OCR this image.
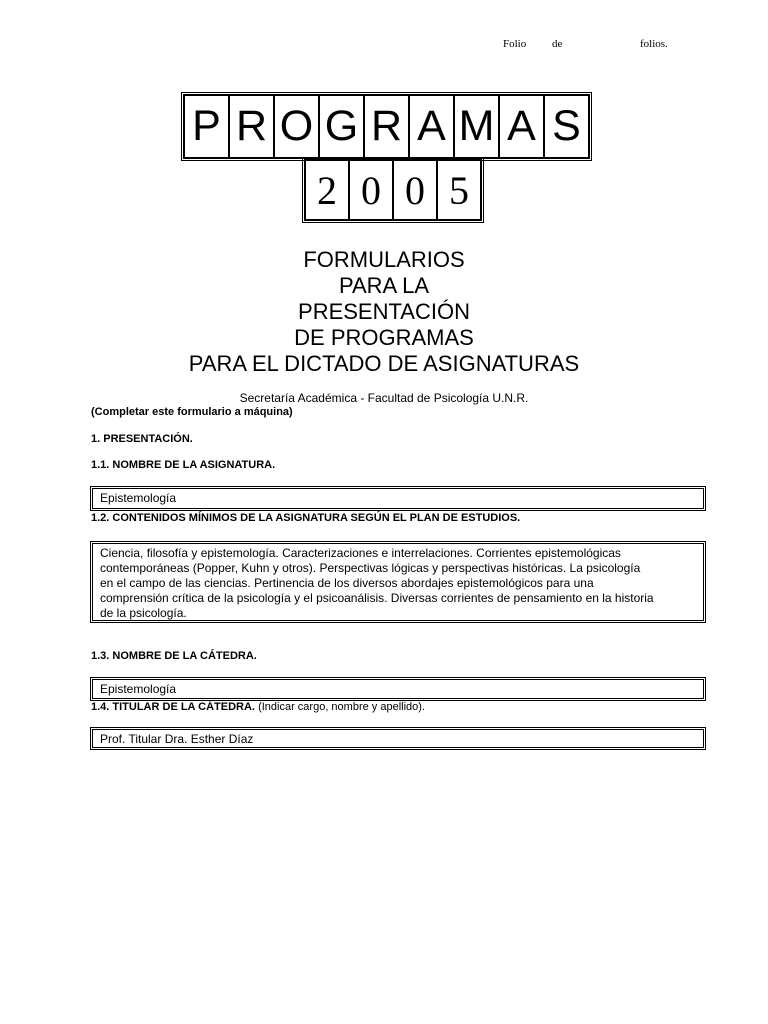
Folio de	folios.
P	R	O	G	R	A	M	A	S
2	0	0	5
FORMULARIOS
PARA LA
PRESENTACIÓN
DE PROGRAMAS
PARA EL DICTADO DE ASIGNATURAS
Secretaría Académica - Facultad de Psicología U.N.R.
(Completar este formulario a máquina)
1. PRESENTACIÓN.
1.1. NOMBRE DE LA ASIGNATURA.
Epistemología
1.2. CONTENIDOS MÍNIMOS DE LA ASIGNATURA SEGÚN EL PLAN DE ESTUDIOS.
Ciencia, filosofía y epistemología. Caracterizaciones e interrelaciones. Corrientes epistemológicas
contemporáneas (Popper, Kuhn y otros). Perspectivas lógicas y perspectivas históricas. La psicología
en el campo de las ciencias. Pertinencia de los diversos abordajes epistemológicos para una
comprensión crítica de la psicología y el psicoanálisis. Diversas corrientes de pensamiento en la historia
de la psicología.
1.3. NOMBRE DE LA CÁTEDRA.
Epistemología
1.4. TITULAR DE LA CÁTEDRA. (Indicar cargo, nombre y apellido).
Prof. Titular Dra. Esther Díaz
